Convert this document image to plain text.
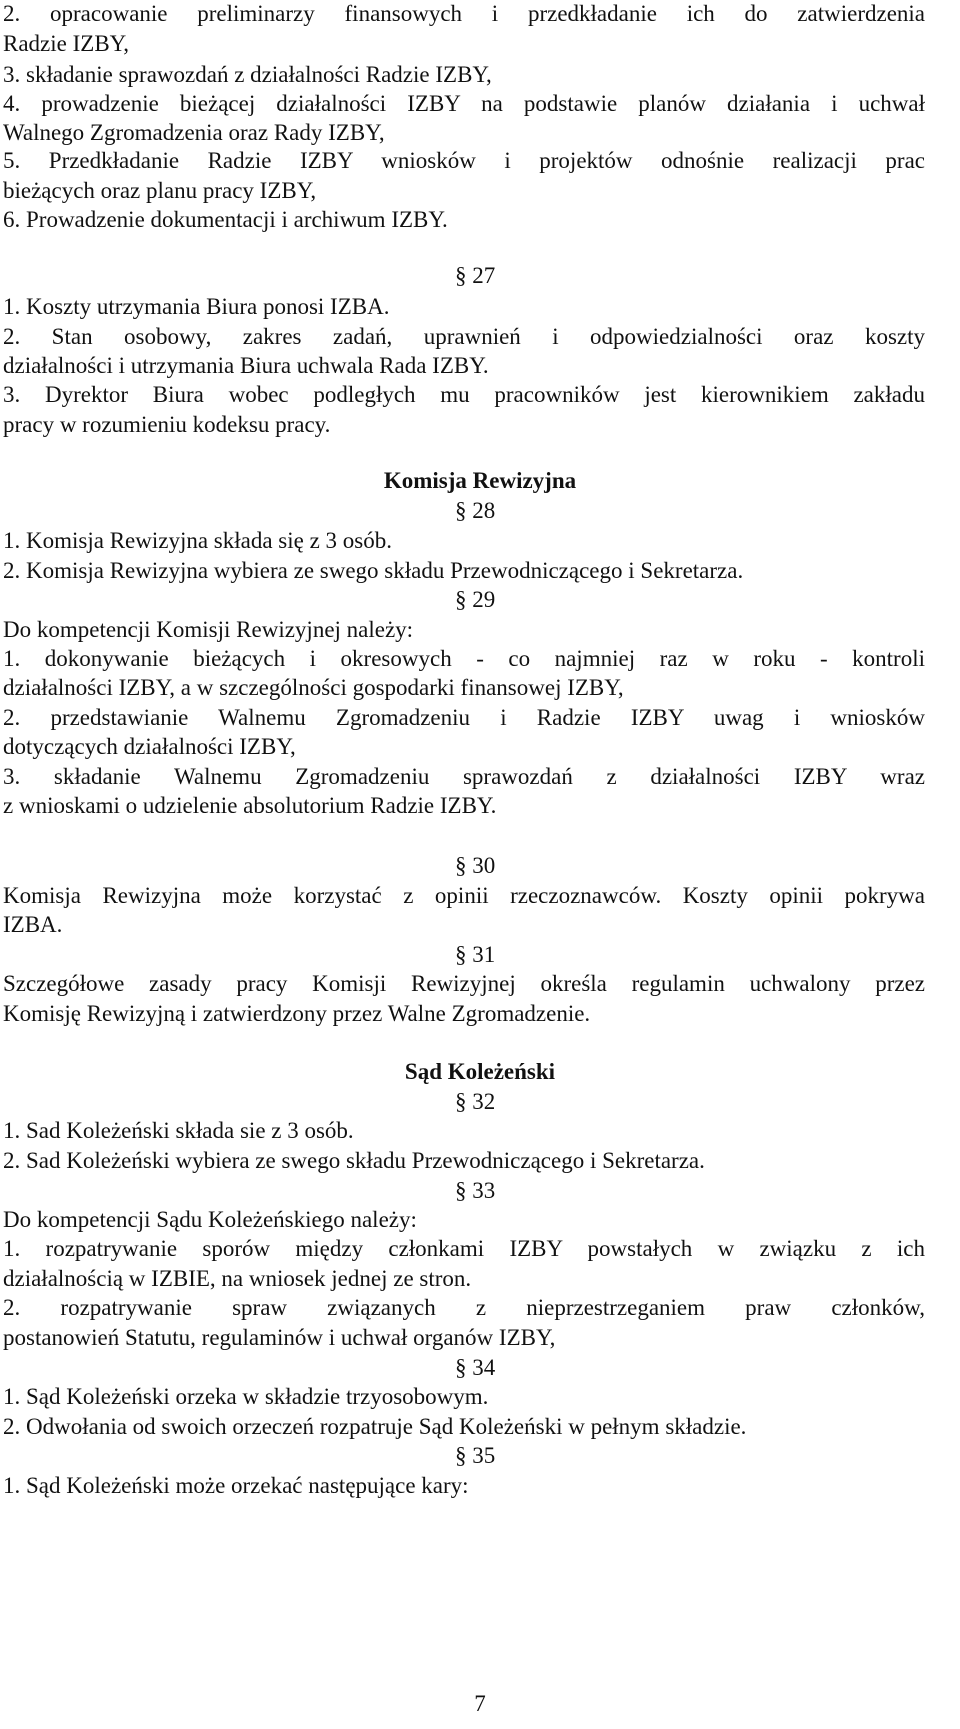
2. opracowanie preliminarzy finansowych i przedkładanie ich do zatwierdzenia
Radzie IZBY,
3. składanie sprawozdań z działalności Radzie IZBY,
4. prowadzenie bieżącej działalności IZBY na podstawie planów działania i uchwał
Walnego Zgromadzenia oraz Rady IZBY,
5. Przedkładanie Radzie IZBY wniosków i projektów odnośnie realizacji prac
bieżących oraz planu pracy IZBY,
6. Prowadzenie dokumentacji i archiwum IZBY.
§ 27
1. Koszty utrzymania Biura ponosi IZBA.
2. Stan osobowy, zakres zadań, uprawnień i odpowiedzialności oraz koszty
działalności i utrzymania Biura uchwala Rada IZBY.
3. Dyrektor Biura wobec podległych mu pracowników jest kierownikiem zakładu
pracy w rozumieniu kodeksu pracy.
Komisja Rewizyjna
§ 28
1. Komisja Rewizyjna składa się z 3 osób.
2. Komisja Rewizyjna wybiera ze swego składu Przewodniczącego i Sekretarza.
§ 29
Do kompetencji Komisji Rewizyjnej należy:
1. dokonywanie bieżących i okresowych - co najmniej raz w roku - kontroli
działalności IZBY, a w szczególności gospodarki finansowej IZBY,
2. przedstawianie Walnemu Zgromadzeniu i Radzie IZBY uwag i wniosków
dotyczących działalności IZBY,
3. składanie Walnemu Zgromadzeniu sprawozdań z działalności IZBY wraz
z wnioskami o udzielenie absolutorium Radzie IZBY.
§ 30
Komisja Rewizyjna może korzystać z opinii rzeczoznawców. Koszty opinii pokrywa
IZBA.
§ 31
Szczegółowe zasady pracy Komisji Rewizyjnej określa regulamin uchwalony przez
Komisję Rewizyjną i zatwierdzony przez Walne Zgromadzenie.
Sąd Koleżeński
§ 32
1. Sad Koleżeński składa sie z 3 osób.
2. Sad Koleżeński wybiera ze swego składu Przewodniczącego i Sekretarza.
§ 33
Do kompetencji Sądu Koleżeńskiego należy:
1. rozpatrywanie sporów między członkami IZBY powstałych w związku z ich
działalnością w IZBIE, na wniosek jednej ze stron.
2. rozpatrywanie spraw związanych z nieprzestrzeganiem praw członków,
postanowień Statutu, regulaminów i uchwał organów IZBY,
§ 34
1. Sąd Koleżeński orzeka w składzie trzyosobowym.
2. Odwołania od swoich orzeczeń rozpatruje Sąd Koleżeński w pełnym składzie.
§ 35
1. Sąd Koleżeński może orzekać następujące kary:
7
